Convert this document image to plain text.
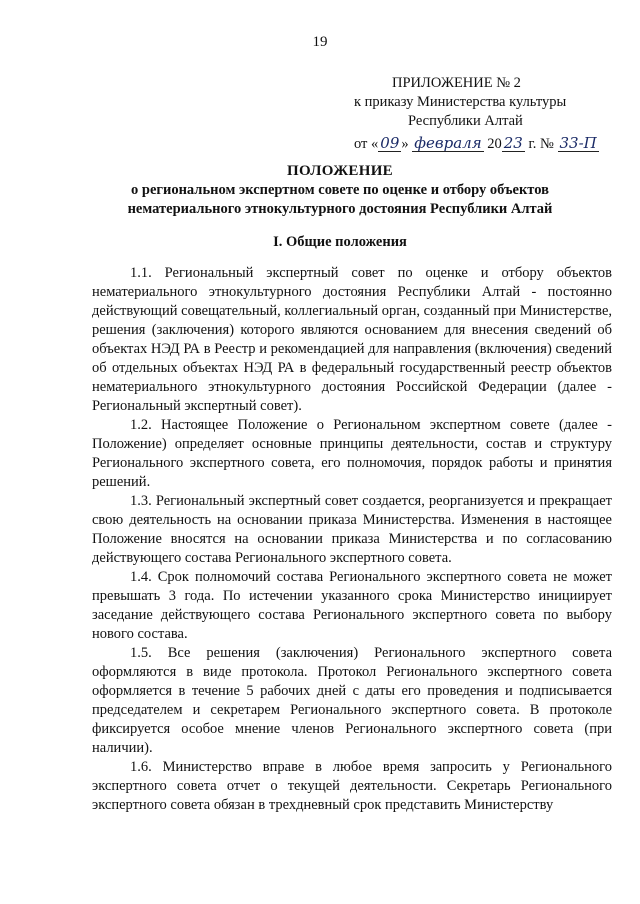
19
ПРИЛОЖЕНИЕ № 2
к приказу Министерства культуры
Республики Алтай
от « 09 » февраля 20 23 г. № 33-П
ПОЛОЖЕНИЕ
о региональном экспертном совете по оценке и отбору объектов
нематериального этнокультурного достояния Республики Алтай
I. Общие положения

1.1. Региональный экспертный совет по оценке и отбору объектов нематериального этнокультурного достояния Республики Алтай - постоянно действующий совещательный, коллегиальный орган, созданный при Министерстве, решения (заключения) которого являются основанием для внесения сведений об объектах НЭД РА в Реестр и рекомендацией для направления (включения) сведений об отдельных объектах НЭД РА в федеральный государственный реестр объектов нематериального этнокультурного достояния Российской Федерации (далее - Региональный экспертный совет).

1.2. Настоящее Положение о Региональном экспертном совете (далее - Положение) определяет основные принципы деятельности, состав и структуру Регионального экспертного совета, его полномочия, порядок работы и принятия решений.

1.3. Региональный экспертный совет создается, реорганизуется и прекращает свою деятельность на основании приказа Министерства. Изменения в настоящее Положение вносятся на основании приказа Министерства и по согласованию действующего состава Регионального экспертного совета.

1.4. Срок полномочий состава Регионального экспертного совета не может превышать 3 года. По истечении указанного срока Министерство инициирует заседание действующего состава Регионального экспертного совета по выбору нового состава.

1.5. Все решения (заключения) Регионального экспертного совета оформляются в виде протокола. Протокол Регионального экспертного совета оформляется в течение 5 рабочих дней с даты его проведения и подписывается председателем и секретарем Регионального экспертного совета. В протоколе фиксируется особое мнение членов Регионального экспертного совета (при наличии).

1.6. Министерство вправе в любое время запросить у Регионального экспертного совета отчет о текущей деятельности. Секретарь Регионального экспертного совета обязан в трехдневный срок представить Министерству
